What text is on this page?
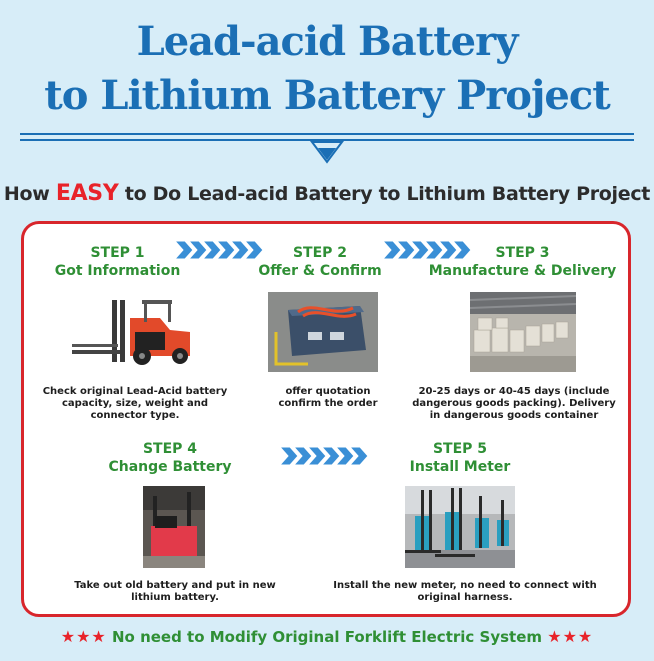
Lead-acid Battery
to Lithium Battery Project
How EASY to Do Lead-acid Battery to Lithium Battery Project
STEP 1
Got Information
STEP 2
Offer & Confirm
STEP 3
Manufacture & Delivery
Check original Lead-Acid battery capacity, size, weight and connector type.
offer quotation confirm the order
20-25 days or 40-45 days (include dangerous goods packing). Delivery in dangerous goods container
STEP 4
Change Battery
STEP 5
Install Meter
Take out old battery and put in new lithium battery.
Install the new meter, no need to connect with original harness.
★★★ No need to Modify Original Forklift Electric System ★★★
